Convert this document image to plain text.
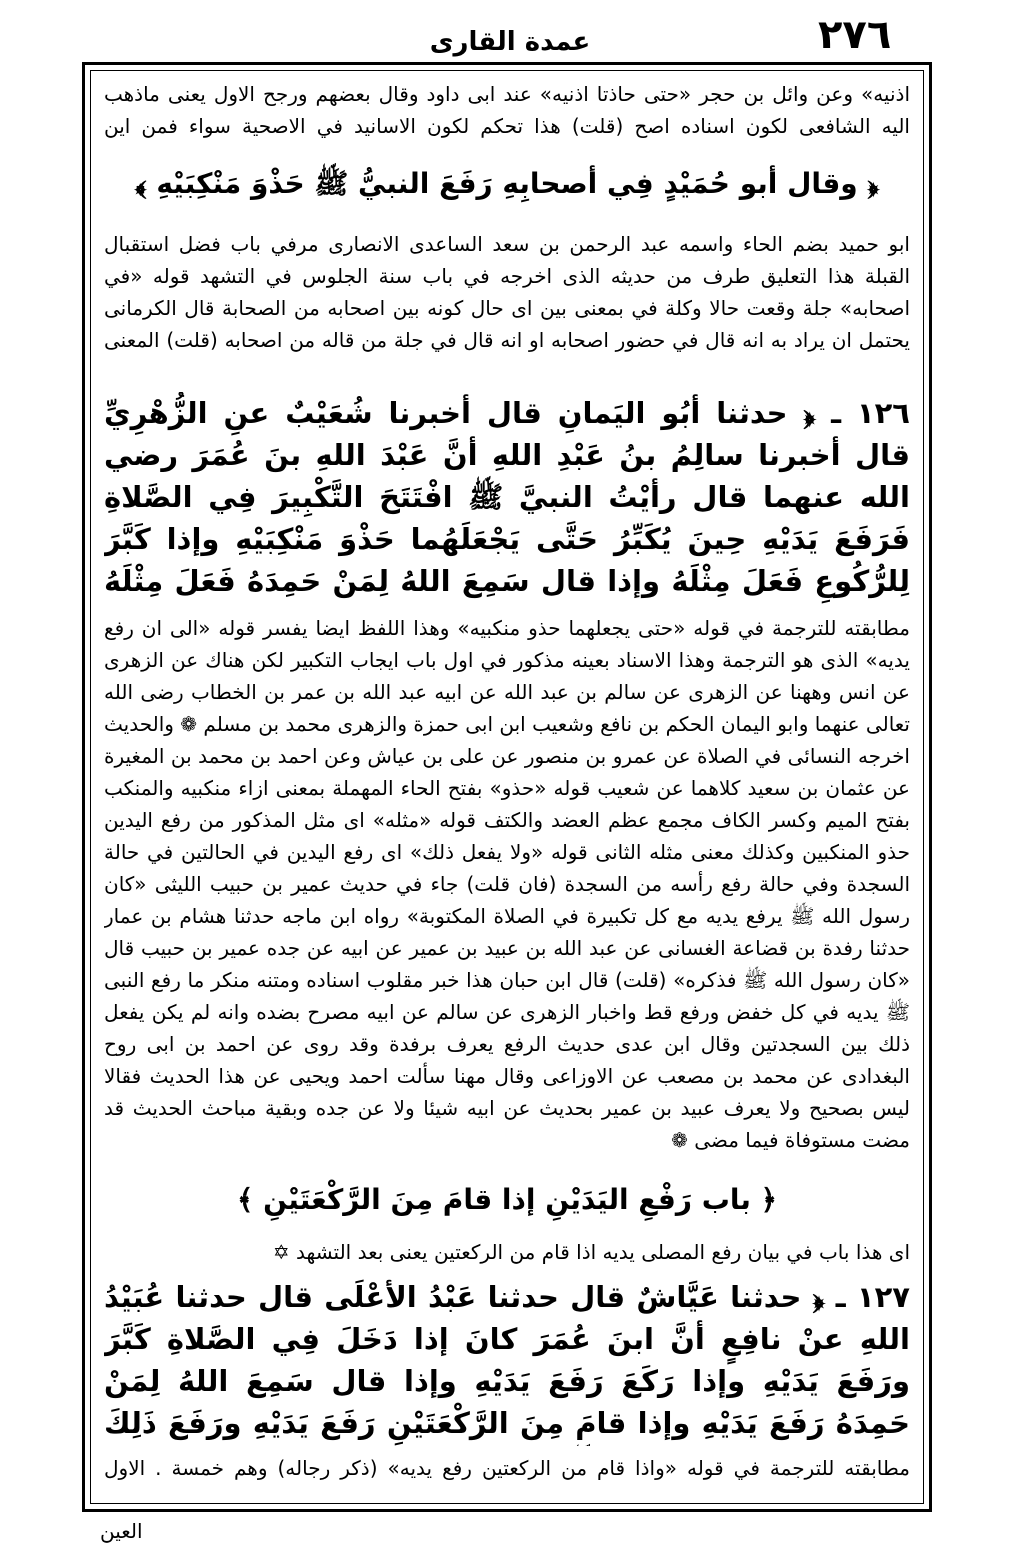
٢٧٦
عمدة القارى
اذنيه» وعن وائل بن حجر «حتى حاذتا اذنيه» عند ابى داود وقال بعضهم ورجح الاول يعنى ماذهب اليه الشافعى لكون اسناده اصح (قلت) هذا تحكم لكون الاسانيد في الاصحية سواء فمن اين
﴿ وقال أبو حُمَيْدٍ فِي أصحابِهِ رَفَعَ النبيُّ ﷺ حَذْوَ مَنْكِبَيْهِ ﴾
ابو حميد بضم الحاء واسمه عبد الرحمن بن سعد الساعدى الانصارى مرفي باب فضل استقبال القبلة هذا التعليق طرف من حديثه الذى اخرجه في باب سنة الجلوس في التشهد قوله «في اصحابه» جلة وقعت حالا وكلة في بمعنى بين اى حال كونه بين اصحابه من الصحابة قال الكرمانى يحتمل ان يراد به انه قال في حضور اصحابه او انه قال في جلة من قاله من اصحابه (قلت) المعنى
١٢٦ ـ ﴿ حدثنا أبُو اليَمانِ قال أخبرنا شُعَيْبٌ عنِ الزُّهْرِيِّ قال أخبرنا سالِمُ بنُ عَبْدِ اللهِ أنَّ عَبْدَ اللهِ بنَ عُمَرَ رضي الله عنهما قال رأيْتُ النبيَّ ﷺ افْتَتَحَ التَّكْبِيرَ فِي الصَّلاةِ فَرَفَعَ يَدَيْهِ حِينَ يُكَبِّرُ حَتَّى يَجْعَلَهُما حَذْوَ مَنْكِبَيْهِ وإذا كَبَّرَ لِلرُّكُوعِ فَعَلَ مِثْلَهُ وإذا قال سَمِعَ اللهُ لِمَنْ حَمِدَهُ فَعَلَ مِثْلَهُ
مطابقته للترجمة في قوله «حتى يجعلهما حذو منكبيه» وهذا اللفظ ايضا يفسر قوله «الى ان رفع يديه» الذى هو الترجمة وهذا الاسناد بعينه مذكور في اول باب ايجاب التكبير لكن هناك عن الزهرى عن انس وههنا عن الزهرى عن سالم بن عبد الله عن ابيه عبد الله بن عمر بن الخطاب رضى الله تعالى عنهما وابو اليمان الحكم بن نافع وشعيب ابن ابى حمزة والزهرى محمد بن مسلم ❁ والحديث اخرجه النسائى في الصلاة عن عمرو بن منصور عن على بن عياش وعن احمد بن محمد بن المغيرة عن عثمان بن سعيد كلاهما عن شعيب قوله «حذو» بفتح الحاء المهملة بمعنى ازاء منكبيه والمنكب بفتح الميم وكسر الكاف مجمع عظم العضد والكتف قوله «مثله» اى مثل المذكور من رفع اليدين حذو المنكبين وكذلك معنى مثله الثانى قوله «ولا يفعل ذلك» اى رفع اليدين في الحالتين في حالة السجدة وفي حالة رفع رأسه من السجدة (فان قلت) جاء في حديث عمير بن حبيب الليثى «كان رسول الله ﷺ يرفع يديه مع كل تكبيرة في الصلاة المكتوبة» رواه ابن ماجه حدثنا هشام بن عمار حدثنا رفدة بن قضاعة الغسانى عن عبد الله بن عبيد بن عمير عن ابيه عن جده عمير بن حبيب قال «كان رسول الله ﷺ فذكره» (قلت) قال ابن حبان هذا خبر مقلوب اسناده ومتنه منكر ما رفع النبى ﷺ يديه في كل خفض ورفع قط واخبار الزهرى عن سالم عن ابيه مصرح بضده وانه لم يكن يفعل ذلك بين السجدتين وقال ابن عدى حديث الرفع يعرف برفدة وقد روى عن احمد بن ابى روح البغدادى عن محمد بن مصعب عن الاوزاعى وقال مهنا سألت احمد ويحيى عن هذا الحديث فقالا ليس بصحيح ولا يعرف عبيد بن عمير بحديث عن ابيه شيئا ولا عن جده وبقية مباحث الحديث قد مضت مستوفاة فيما مضى ❁
﴿ باب رَفْعِ اليَدَيْنِ إذا قامَ مِنَ الرَّكْعَتَيْنِ ﴾
اى هذا باب في بيان رفع المصلى يديه اذا قام من الركعتين يعنى بعد التشهد ✡
١٢٧ ـ ﴿ حدثنا عَيَّاشٌ قال حدثنا عَبْدُ الأعْلَى قال حدثنا عُبَيْدُ اللهِ عنْ نافِعٍ أنَّ ابنَ عُمَرَ كانَ إذا دَخَلَ فِي الصَّلاةِ كَبَّرَ ورَفَعَ يَدَيْهِ وإذا رَكَعَ رَفَعَ يَدَيْهِ وإذا قال سَمِعَ اللهُ لِمَنْ حَمِدَهُ رَفَعَ يَدَيْهِ وإذا قامَ مِنَ الرَّكْعَتَيْنِ رَفَعَ يَدَيْهِ ورَفَعَ ذَلِكَ
مطابقته للترجمة في قوله «واذا قام من الركعتين رفع يديه» (ذكر رجاله) وهم خمسة . الاول
العين
